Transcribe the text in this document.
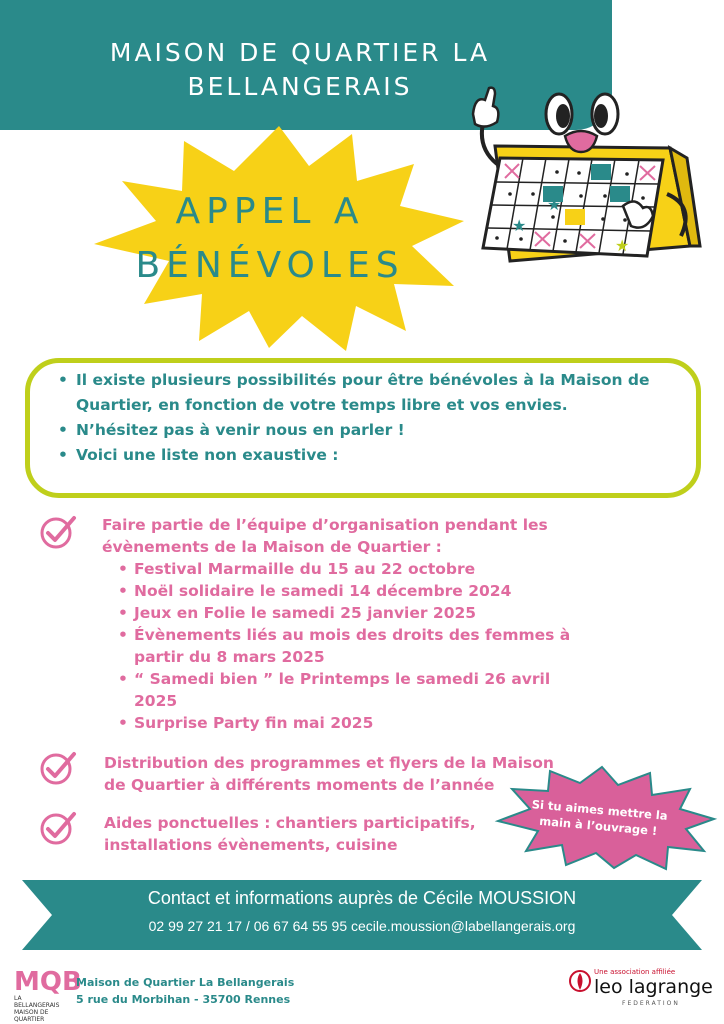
MAISON DE QUARTIER LA
BELLANGERAIS
APPEL A
BÉNÉVOLES
★
★
★
• Il existe plusieurs possibilités pour être bénévoles à la Maison de Quartier, en fonction de votre temps libre et vos envies.
• N’hésitez pas à venir nous en parler !
• Voici une liste non exaustive :
Faire partie de l’équipe d’organisation pendant les évènements de la Maison de Quartier :
• Festival Marmaille du 15 au 22 octobre
• Noël solidaire le samedi 14 décembre 2024
• Jeux en Folie le samedi 25 janvier 2025
• Évènements liés au mois des droits des femmes à partir du 8 mars 2025
• “ Samedi bien ” le Printemps le samedi 26 avril 2025
• Surprise Party fin mai 2025
Distribution des programmes et flyers de la Maison de Quartier à différents moments de l’année
Aides ponctuelles : chantiers participatifs, installations évènements, cuisine
Si tu aimes mettre la main à l’ouvrage !
Contact et informations auprès de Cécile MOUSSION
02 99 27 21 17 / 06 67 64 55 95 cecile.moussion@labellangerais.org
MQB
LA BELLANGERAIS
MAISON DE QUARTIER
Maison de Quartier La Bellangerais
5 rue du Morbihan - 35700 Rennes
Une association affiliée
leo lagrange
FEDERATION
